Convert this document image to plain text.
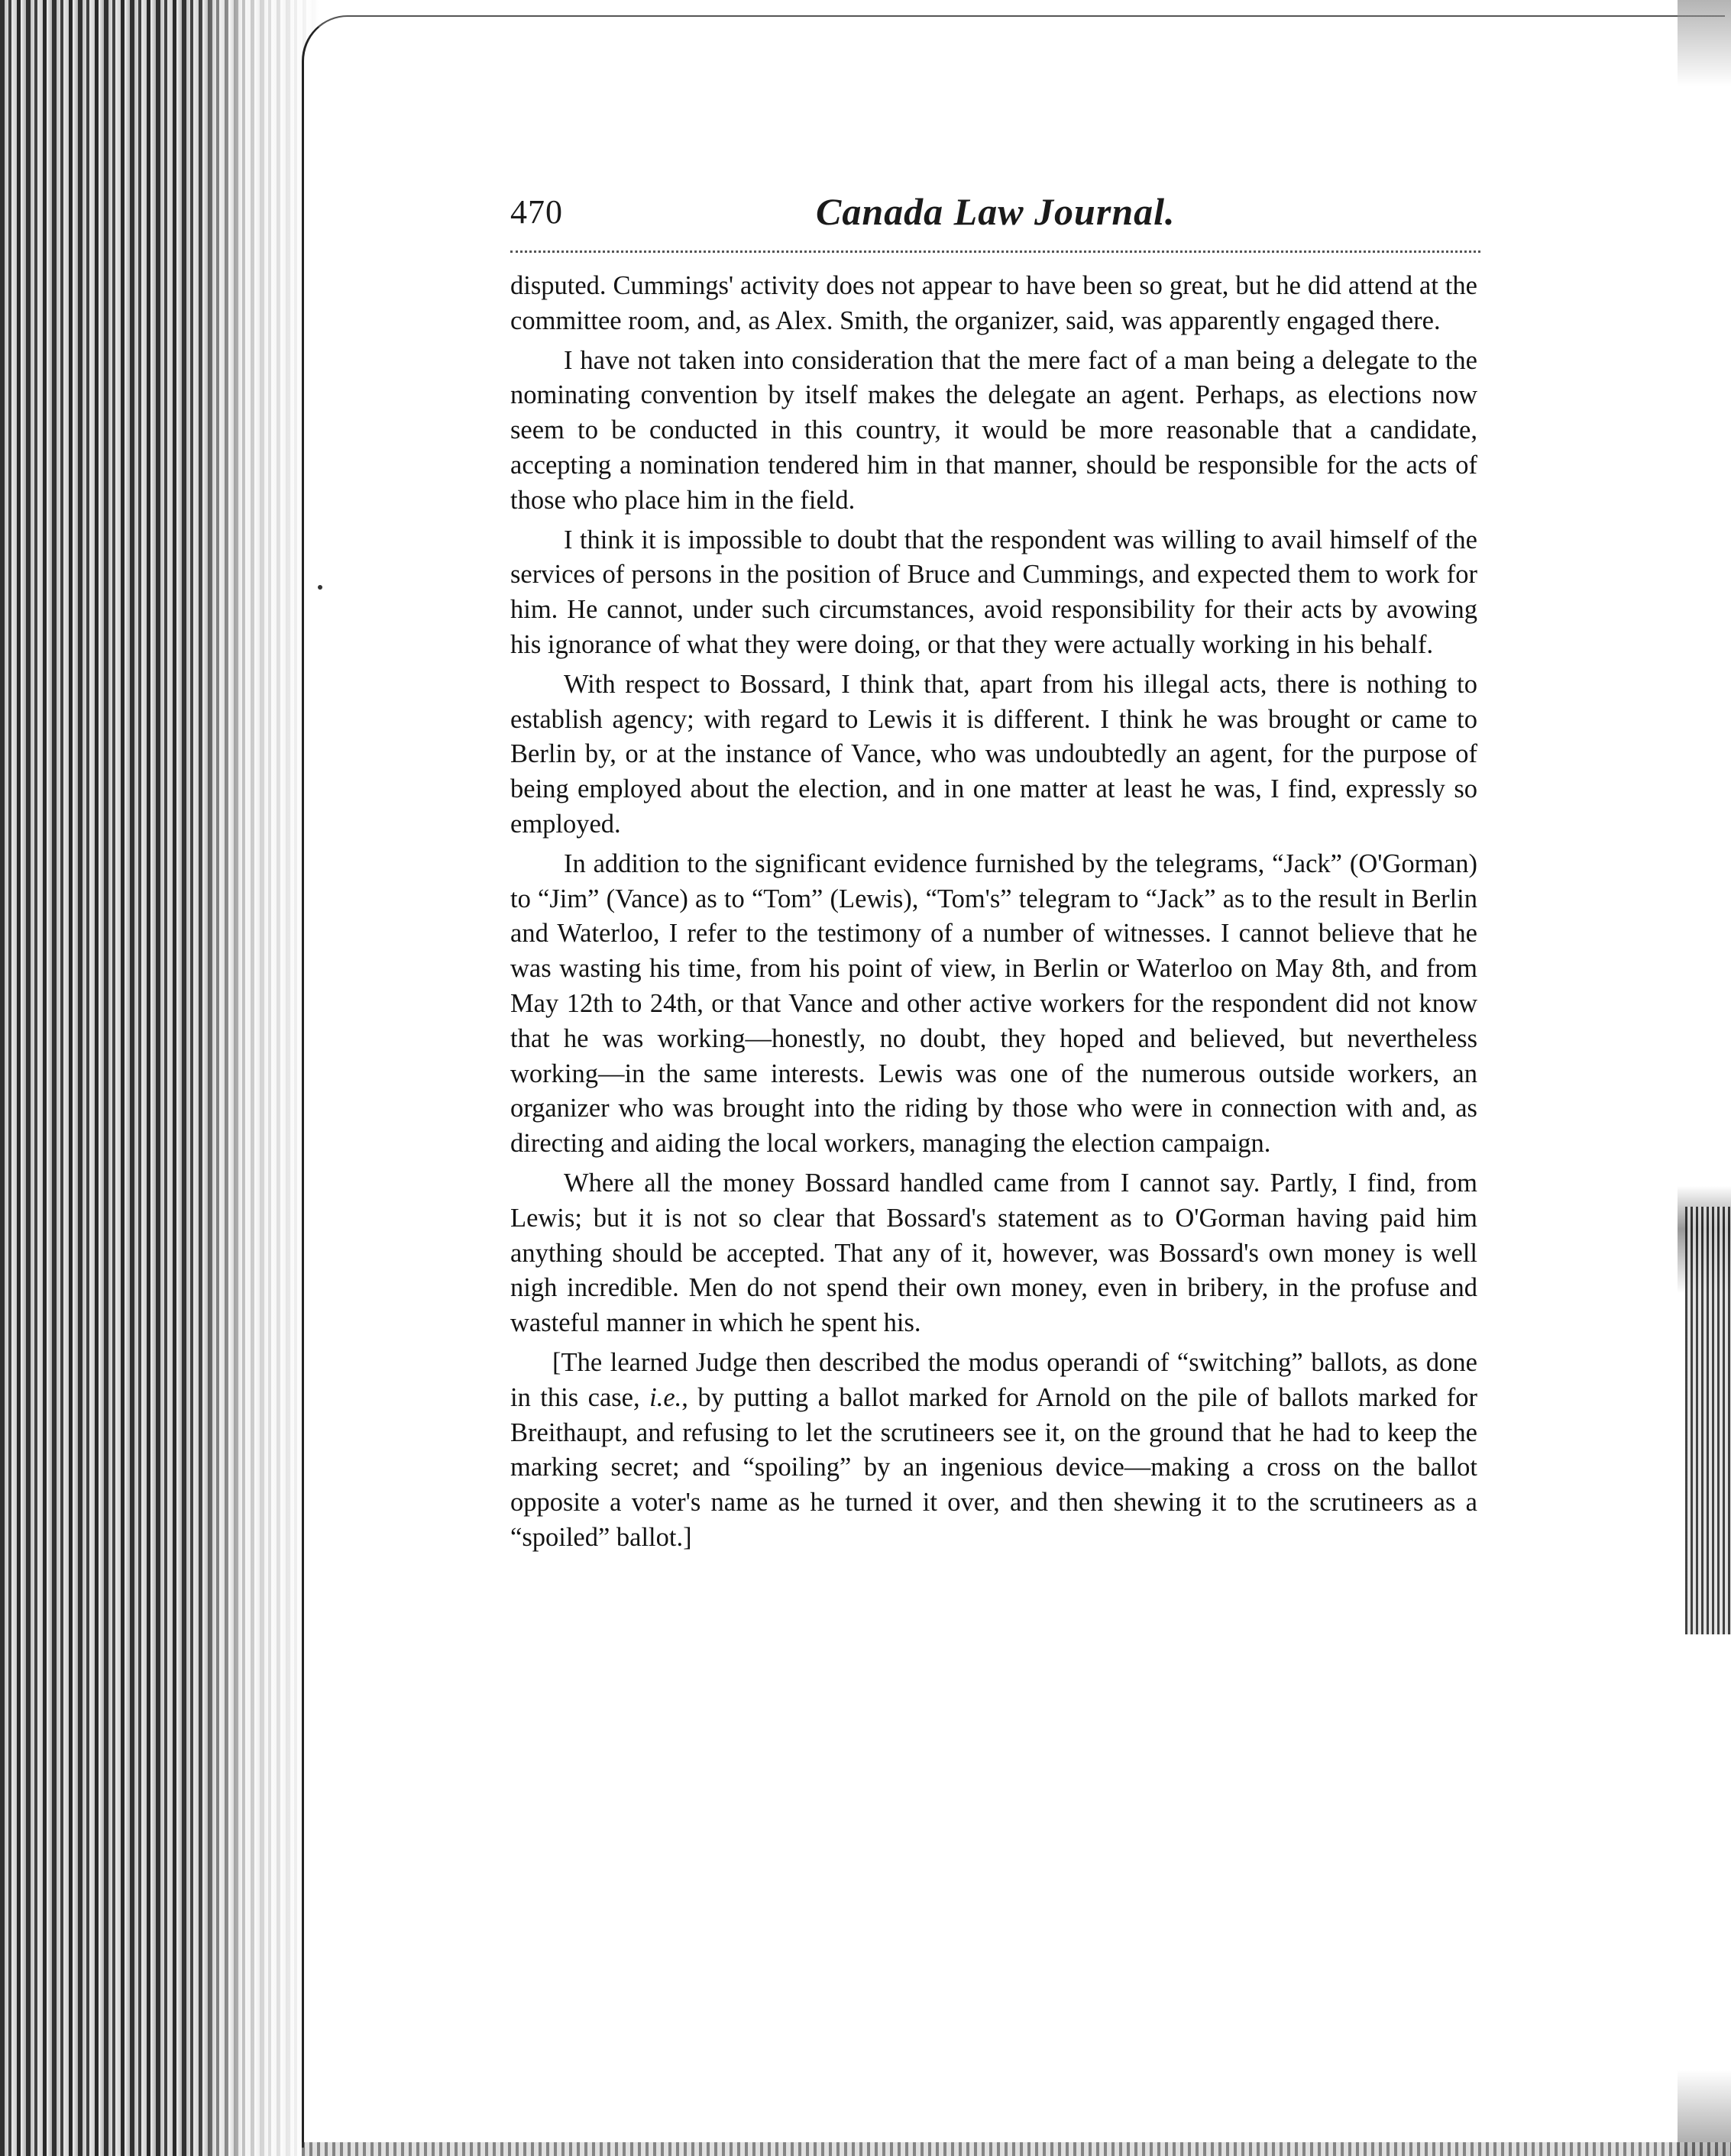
470	Canada Law Journal.

disputed. Cummings' activity does not appear to have been so great, but he did attend at the committee room, and, as Alex. Smith, the organizer, said, was apparently engaged there.

I have not taken into consideration that the mere fact of a man being a delegate to the nominating convention by itself makes the delegate an agent. Perhaps, as elections now seem to be conducted in this country, it would be more reasonable that a candidate, accepting a nomination tendered him in that manner, should be responsible for the acts of those who place him in the field.

I think it is impossible to doubt that the respondent was willing to avail himself of the services of persons in the position of Bruce and Cummings, and expected them to work for him. He cannot, under such circumstances, avoid responsibility for their acts by avowing his ignorance of what they were doing, or that they were actually working in his behalf.

With respect to Bossard, I think that, apart from his illegal acts, there is nothing to establish agency; with regard to Lewis it is different. I think he was brought or came to Berlin by, or at the instance of Vance, who was undoubtedly an agent, for the purpose of being employed about the election, and in one matter at least he was, I find, expressly so employed.

In addition to the significant evidence furnished by the telegrams, “Jack” (O'Gorman) to “Jim” (Vance) as to “Tom” (Lewis), “Tom's” telegram to “Jack” as to the result in Berlin and Waterloo, I refer to the testimony of a number of witnesses. I cannot believe that he was wasting his time, from his point of view, in Berlin or Waterloo on May 8th, and from May 12th to 24th, or that Vance and other active workers for the respondent did not know that he was working—honestly, no doubt, they hoped and believed, but nevertheless working—in the same interests. Lewis was one of the numerous outside workers, an organizer who was brought into the riding by those who were in connection with and, as directing and aiding the local workers, managing the election campaign.

Where all the money Bossard handled came from I cannot say. Partly, I find, from Lewis; but it is not so clear that Bossard's statement as to O'Gorman having paid him anything should be accepted. That any of it, however, was Bossard's own money is well nigh incredible. Men do not spend their own money, even in bribery, in the profuse and wasteful manner in which he spent his.

[The learned Judge then described the modus operandi of “switching” ballots, as done in this case, i.e., by putting a ballot marked for Arnold on the pile of ballots marked for Breithaupt, and refusing to let the scrutineers see it, on the ground that he had to keep the marking secret; and “spoiling” by an ingenious device—making a cross on the ballot opposite a voter's name as he turned it over, and then shewing it to the scrutineers as a “spoiled” ballot.]
